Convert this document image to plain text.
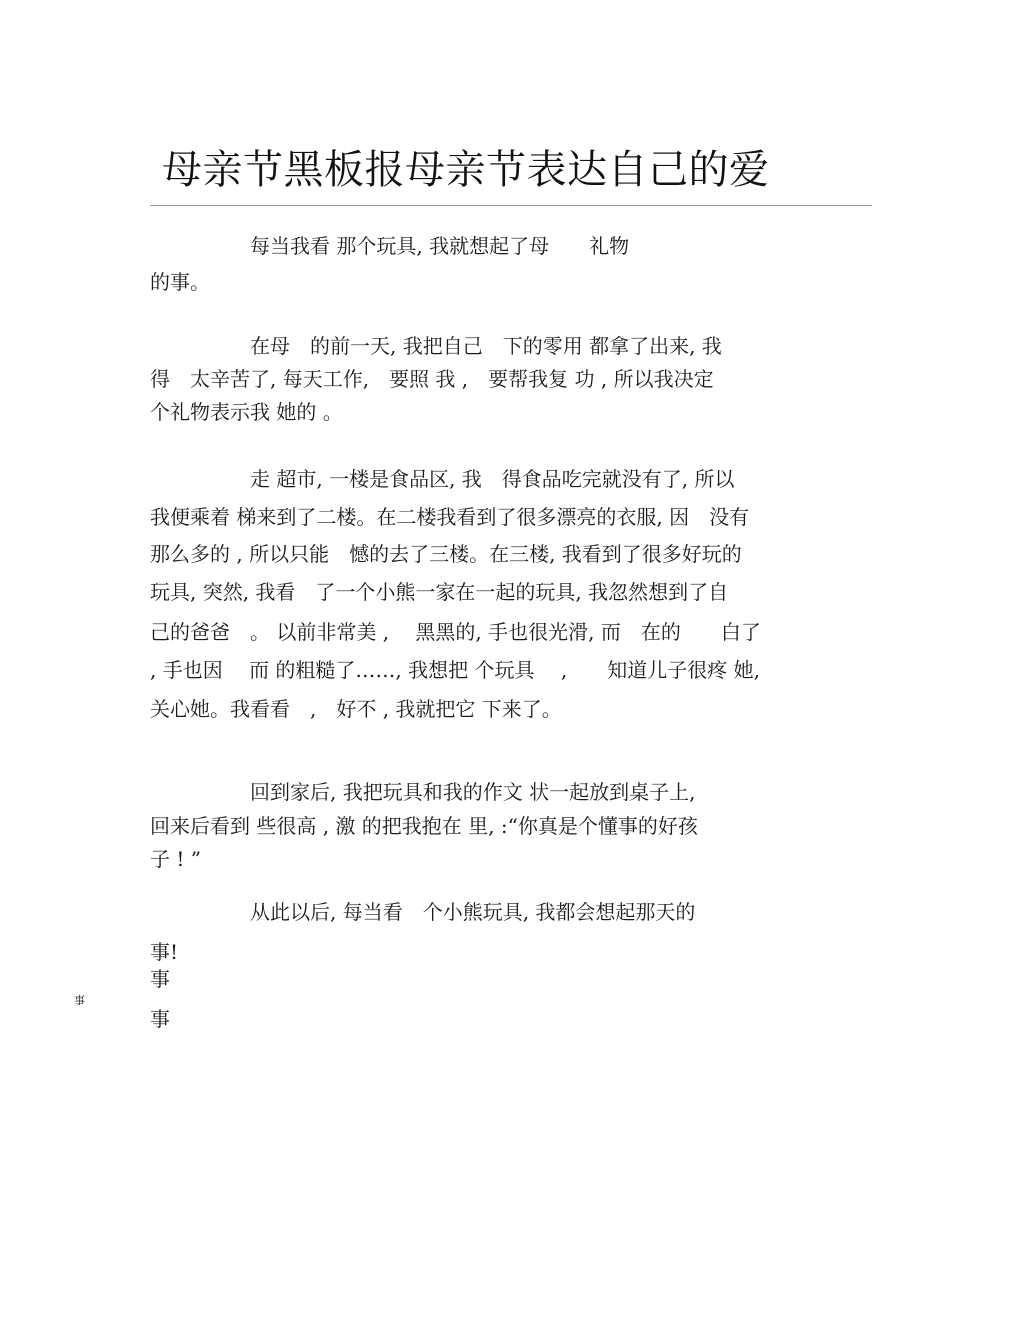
母亲节黑板报母亲节表达自己的爱
每当我看 那个玩具, 我就想起了母　　礼物
的事。
在母　的前一天, 我把自己　下的零用 都拿了出来, 我
得　太辛苦了, 每天工作,　要照 我 ,　要帮我复 功 , 所以我决定
个礼物表示我 她的 。
走 超市, 一楼是食品区, 我　得食品吃完就没有了, 所以
我便乘着 梯来到了二楼。在二楼我看到了很多漂亮的衣服, 因　没有
那么多的 , 所以只能　憾的去了三楼。在三楼, 我看到了很多好玩的
玩具, 突然, 我看　了一个小熊一家在一起的玩具, 我忽然想到了自
己的爸爸　。 以前非常美 ,　 黑黑的, 手也很光滑, 而　在的　　白了
, 手也因　 而 的粗糙了……, 我想把 个玩具　 ,　　知道儿子很疼 她,
关心她。我看看　,　好不 , 我就把它 下来了。
回到家后, 我把玩具和我的作文 状一起放到桌子上,
回来后看到 些很高 , 激 的把我抱在 里, :“你真是个懂事的好孩
子 ! ”
从此以后, 每当看　个小熊玩具, 我都会想起那天的
事!
事
事
事
